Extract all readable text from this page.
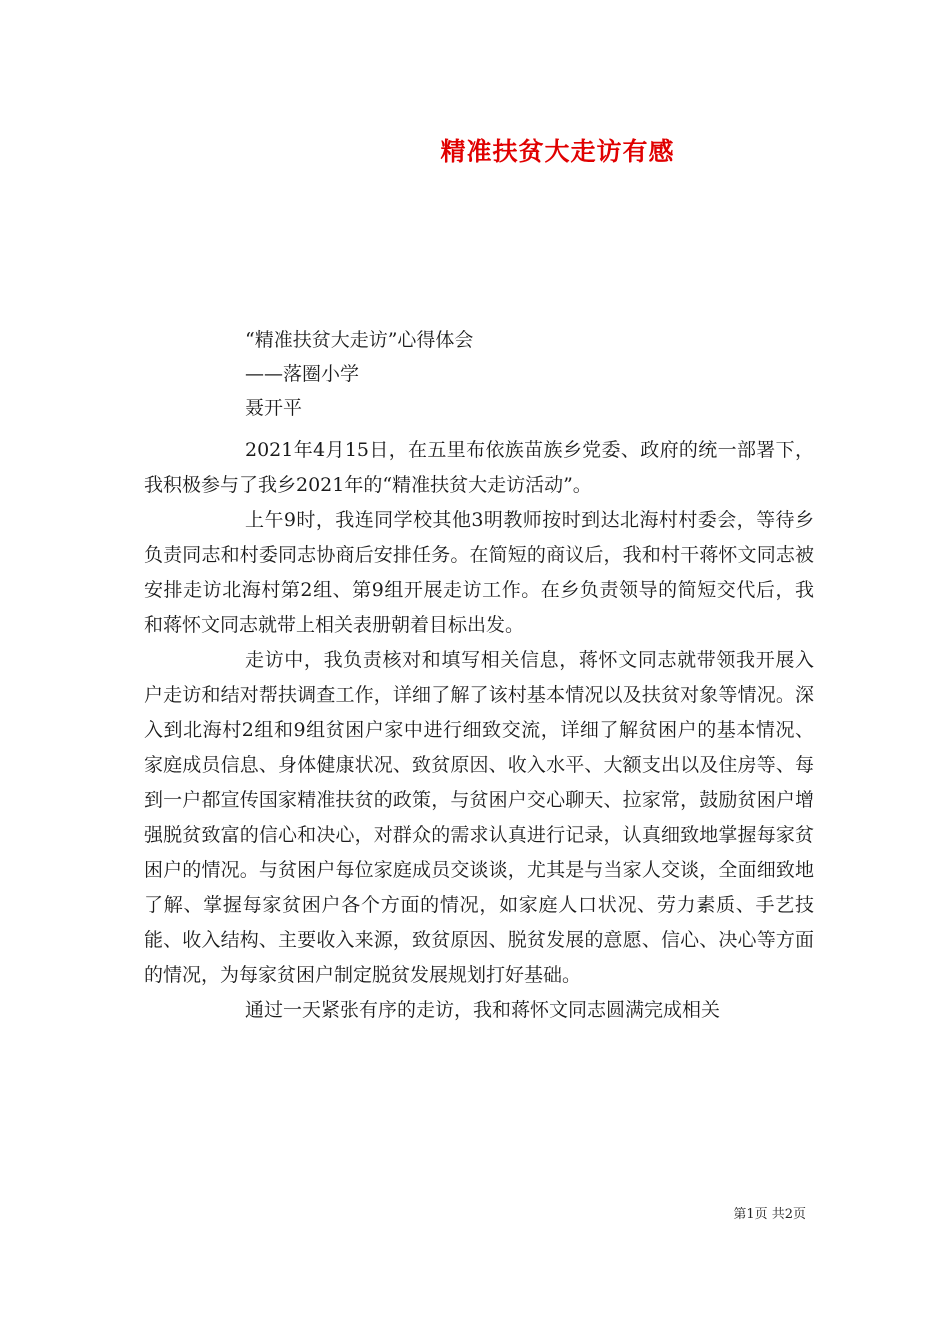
精准扶贫大走访有感
“精准扶贫大走访”心得体会
——落圈小学
聂开平

2021年4月15日，在五里布依族苗族乡党委、政府的统一部署下，我积极参与了我乡2021年的“精准扶贫大走访活动”。

上午9时，我连同学校其他3明教师按时到达北海村村委会，等待乡负责同志和村委同志协商后安排任务。在简短的商议后，我和村干蒋怀文同志被安排走访北海村第2组、第9组开展走访工作。在乡负责领导的简短交代后，我和蒋怀文同志就带上相关表册朝着目标出发。

走访中，我负责核对和填写相关信息，蒋怀文同志就带领我开展入户走访和结对帮扶调查工作，详细了解了该村基本情况以及扶贫对象等情况。深入到北海村2组和9组贫困户家中进行细致交流，详细了解贫困户的基本情况、家庭成员信息、身体健康状况、致贫原因、收入水平、大额支出以及住房等、每到一户都宣传国家精准扶贫的政策，与贫困户交心聊天、拉家常，鼓励贫困户增强脱贫致富的信心和决心，对群众的需求认真进行记录，认真细致地掌握每家贫困户的情况。与贫困户每位家庭成员交谈谈，尤其是与当家人交谈，全面细致地了解、掌握每家贫困户各个方面的情况，如家庭人口状况、劳力素质、手艺技能、收入结构、主要收入来源，致贫原因、脱贫发展的意愿、信心、决心等方面的情况，为每家贫困户制定脱贫发展规划打好基础。

通过一天紧张有序的走访，我和蒋怀文同志圆满完成相关

第1页 共2页
